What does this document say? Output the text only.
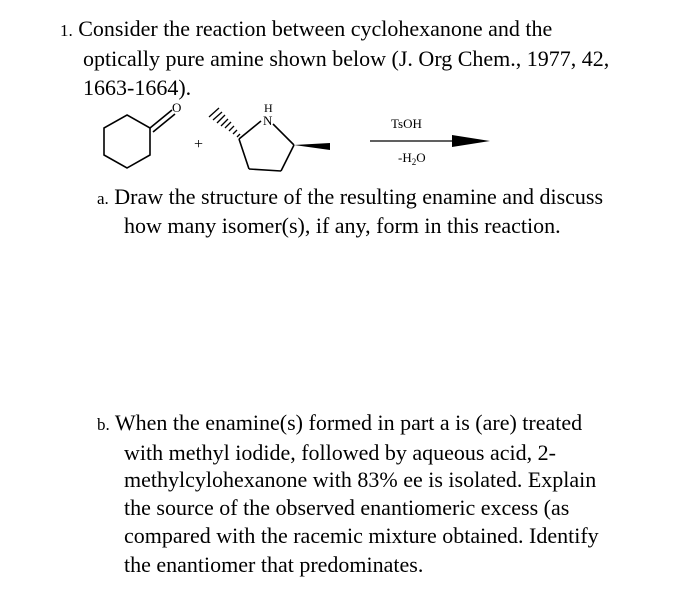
1. Consider the reaction between cyclohexanone and the
optically pure amine shown below (J. Org Chem., 1977, 42,
1663-1664).
O
+
H
N	TsOH
$-H_2O$
a. Draw the structure of the resulting enamine and discuss
how many isomer(s), if any, form in this reaction.
b. When the enamine(s) formed in part a is (are) treated
with methyl iodide, followed by aqueous acid, 2-
methylcylohexanone with 83% ee is isolated. Explain
the source of the observed enantiomeric excess (as
compared with the racemic mixture obtained. Identify
the enantiomer that predominates.
